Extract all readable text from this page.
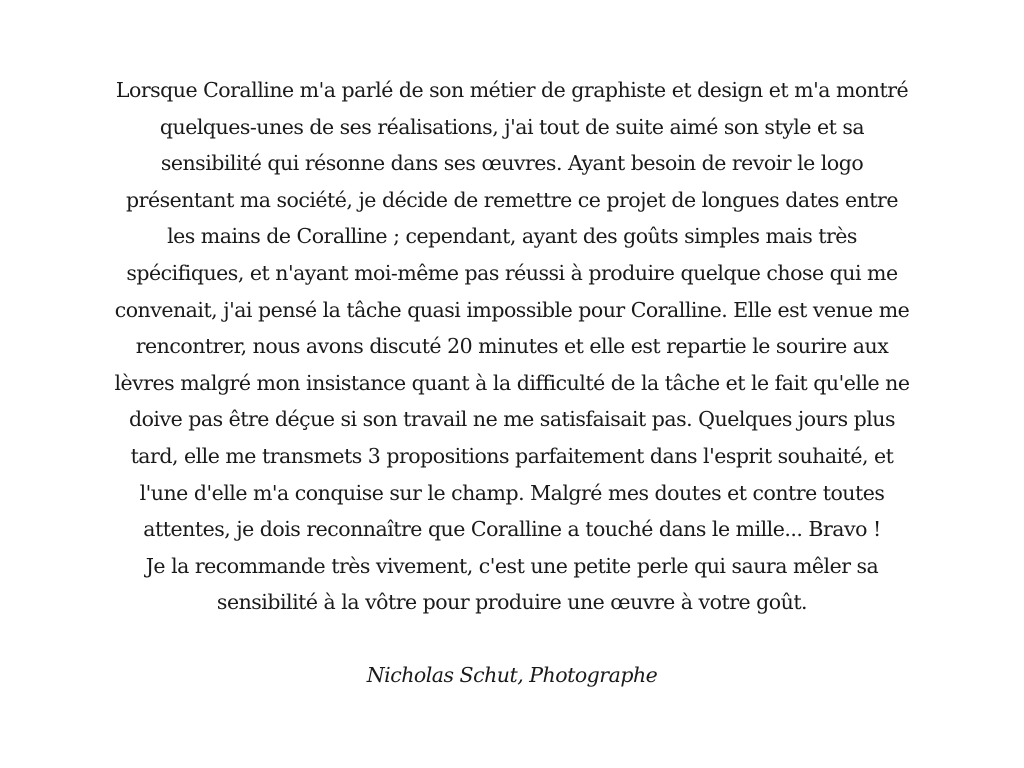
Lorsque Coralline m'a parlé de son métier de graphiste et design et m'a montré
quelques-unes de ses réalisations, j'ai tout de suite aimé son style et sa
sensibilité qui résonne dans ses œuvres. Ayant besoin de revoir le logo
présentant ma société, je décide de remettre ce projet de longues dates entre
les mains de Coralline ; cependant, ayant des goûts simples mais très
spécifiques, et n'ayant moi-même pas réussi à produire quelque chose qui me
convenait, j'ai pensé la tâche quasi impossible pour Coralline. Elle est venue me
rencontrer, nous avons discuté 20 minutes et elle est repartie le sourire aux
lèvres malgré mon insistance quant à la difficulté de la tâche et le fait qu'elle ne
doive pas être déçue si son travail ne me satisfaisait pas. Quelques jours plus
tard, elle me transmets 3 propositions parfaitement dans l'esprit souhaité, et
l'une d'elle m'a conquise sur le champ. Malgré mes doutes et contre toutes
attentes, je dois reconnaître que Coralline a touché dans le mille... Bravo !
Je la recommande très vivement, c'est une petite perle qui saura mêler sa
sensibilité à la vôtre pour produire une œuvre à votre goût.
Nicholas Schut, Photographe
